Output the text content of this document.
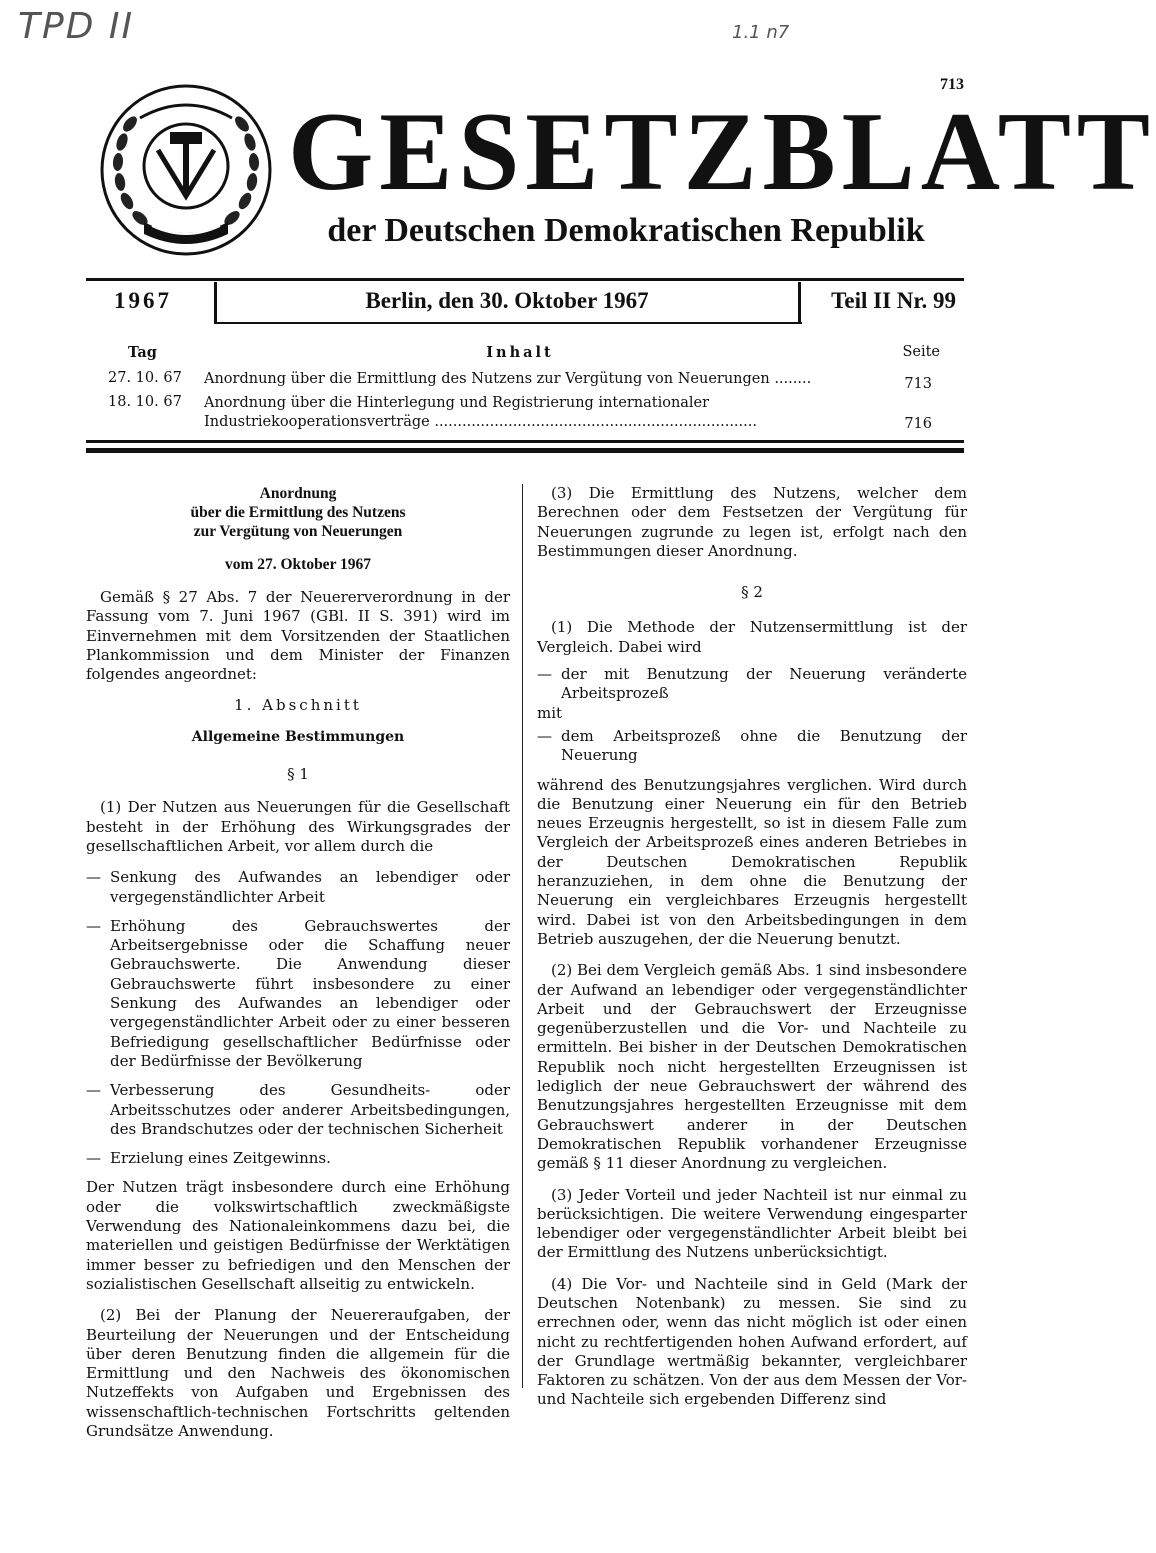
TPD II	1.1 n7
713
GESETZBLATT
der Deutschen Demokratischen Republik
1967	Berlin, den 30. Oktober 1967	Teil II Nr. 99
Tag	Inhalt	Seite
27. 10. 67	Anordnung über die Ermittlung des Nutzens zur Vergütung von Neuerungen ........	713
18. 10. 67	Anordnung über die Hinterlegung und Registrierung internationaler Industriekooperationsverträge ......................................................................	716
Anordnung
über die Ermittlung des Nutzens
zur Vergütung von Neuerungen
vom 27. Oktober 1967
Gemäß § 27 Abs. 7 der Neuererverordnung in der Fassung vom 7. Juni 1967 (GBl. II S. 391) wird im Einvernehmen mit dem Vorsitzenden der Staatlichen Plankommission und dem Minister der Finanzen folgendes angeordnet:
1. Abschnitt
Allgemeine Bestimmungen
§ 1
(1) Der Nutzen aus Neuerungen für die Gesellschaft besteht in der Erhöhung des Wirkungsgrades der gesellschaftlichen Arbeit, vor allem durch die
— Senkung des Aufwandes an lebendiger oder vergegenständlichter Arbeit
— Erhöhung des Gebrauchswertes der Arbeitsergebnisse oder die Schaffung neuer Gebrauchswerte. Die Anwendung dieser Gebrauchswerte führt insbesondere zu einer Senkung des Aufwandes an lebendiger oder vergegenständlichter Arbeit oder zu einer besseren Befriedigung gesellschaftlicher Bedürfnisse oder der Bedürfnisse der Bevölkerung
— Verbesserung des Gesundheits- oder Arbeitsschutzes oder anderer Arbeitsbedingungen, des Brandschutzes oder der technischen Sicherheit
— Erzielung eines Zeitgewinns.
Der Nutzen trägt insbesondere durch eine Erhöhung oder die volkswirtschaftlich zweckmäßigste Verwendung des Nationaleinkommens dazu bei, die materiellen und geistigen Bedürfnisse der Werktätigen immer besser zu befriedigen und den Menschen der sozialistischen Gesellschaft allseitig zu entwickeln.
(2) Bei der Planung der Neuereraufgaben, der Beurteilung der Neuerungen und der Entscheidung über deren Benutzung finden die allgemein für die Ermittlung und den Nachweis des ökonomischen Nutzeffekts von Aufgaben und Ergebnissen des wissenschaftlich-technischen Fortschritts geltenden Grundsätze Anwendung.
(3) Die Ermittlung des Nutzens, welcher dem Berechnen oder dem Festsetzen der Vergütung für Neuerungen zugrunde zu legen ist, erfolgt nach den Bestimmungen dieser Anordnung.
§ 2
(1) Die Methode der Nutzensermittlung ist der Vergleich. Dabei wird
— der mit Benutzung der Neuerung veränderte Arbeitsprozeß
mit
— dem Arbeitsprozeß ohne die Benutzung der Neuerung
während des Benutzungsjahres verglichen. Wird durch die Benutzung einer Neuerung ein für den Betrieb neues Erzeugnis hergestellt, so ist in diesem Falle zum Vergleich der Arbeitsprozeß eines anderen Betriebes in der Deutschen Demokratischen Republik heranzuziehen, in dem ohne die Benutzung der Neuerung ein vergleichbares Erzeugnis hergestellt wird. Dabei ist von den Arbeitsbedingungen in dem Betrieb auszugehen, der die Neuerung benutzt.
(2) Bei dem Vergleich gemäß Abs. 1 sind insbesondere der Aufwand an lebendiger oder vergegenständlichter Arbeit und der Gebrauchswert der Erzeugnisse gegenüberzustellen und die Vor- und Nachteile zu ermitteln. Bei bisher in der Deutschen Demokratischen Republik noch nicht hergestellten Erzeugnissen ist lediglich der neue Gebrauchswert der während des Benutzungsjahres hergestellten Erzeugnisse mit dem Gebrauchswert anderer in der Deutschen Demokratischen Republik vorhandener Erzeugnisse gemäß § 11 dieser Anordnung zu vergleichen.
(3) Jeder Vorteil und jeder Nachteil ist nur einmal zu berücksichtigen. Die weitere Verwendung eingesparter lebendiger oder vergegenständlichter Arbeit bleibt bei der Ermittlung des Nutzens unberücksichtigt.
(4) Die Vor- und Nachteile sind in Geld (Mark der Deutschen Notenbank) zu messen. Sie sind zu errechnen oder, wenn das nicht möglich ist oder einen nicht zu rechtfertigenden hohen Aufwand erfordert, auf der Grundlage wertmäßig bekannter, vergleichbarer Faktoren zu schätzen. Von der aus dem Messen der Vor- und Nachteile sich ergebenden Differenz sind
